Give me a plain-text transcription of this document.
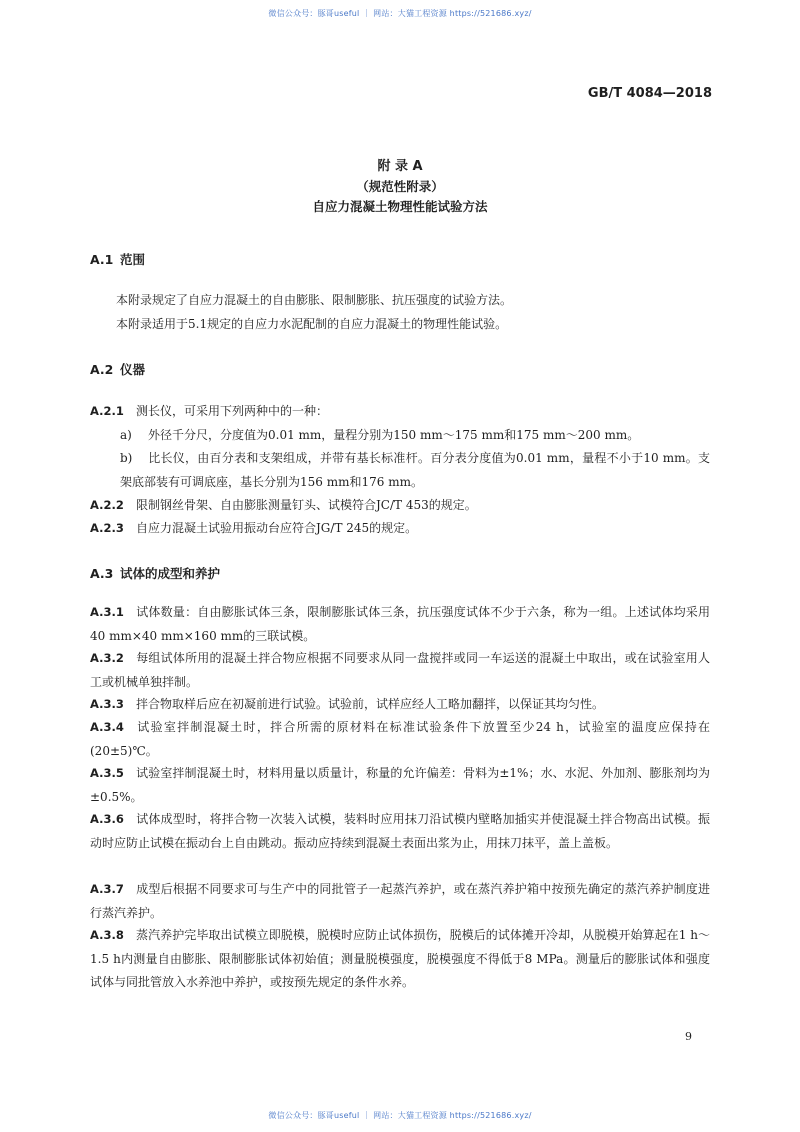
微信公众号：豚哥useful ｜ 网站：大猫工程资源 https://521686.xyz/
GB/T 4084—2018
附 录 A
（规范性附录）
自应力混凝土物理性能试验方法
A.1 范围

本附录规定了自应力混凝土的自由膨胀、限制膨胀、抗压强度的试验方法。

本附录适用于5.1规定的自应力水泥配制的自应力混凝土的物理性能试验。

A.2 仪器

A.2.1 测长仪，可采用下列两种中的一种：

a) 外径千分尺，分度值为0.01 mm，量程分别为150 mm～175 mm和175 mm～200 mm。

b) 比长仪，由百分表和支架组成，并带有基长标准杆。百分表分度值为0.01 mm，量程不小于10 mm。支架底部装有可调底座，基长分别为156 mm和176 mm。

A.2.2 限制钢丝骨架、自由膨胀测量钉头、试模符合JC/T 453的规定。

A.2.3 自应力混凝土试验用振动台应符合JG/T 245的规定。

A.3 试体的成型和养护

A.3.1 试体数量：自由膨胀试体三条，限制膨胀试体三条，抗压强度试体不少于六条，称为一组。上述试体均采用40 mm×40 mm×160 mm的三联试模。

A.3.2 每组试体所用的混凝土拌合物应根据不同要求从同一盘搅拌或同一车运送的混凝土中取出，或在试验室用人工或机械单独拌制。

A.3.3 拌合物取样后应在初凝前进行试验。试验前，试样应经人工略加翻拌，以保证其均匀性。

A.3.4 试验室拌制混凝土时，拌合所需的原材料在标准试验条件下放置至少24 h，试验室的温度应保持在(20±5)℃。

A.3.5 试验室拌制混凝土时，材料用量以质量计，称量的允许偏差：骨料为±1%；水、水泥、外加剂、膨胀剂均为±0.5%。

A.3.6 试体成型时，将拌合物一次装入试模，装料时应用抹刀沿试模内壁略加插实并使混凝土拌合物高出试模。振动时应防止试模在振动台上自由跳动。振动应持续到混凝土表面出浆为止，用抹刀抹平，盖上盖板。

A.3.7 成型后根据不同要求可与生产中的同批管子一起蒸汽养护，或在蒸汽养护箱中按预先确定的蒸汽养护制度进行蒸汽养护。

A.3.8 蒸汽养护完毕取出试模立即脱模，脱模时应防止试体损伤，脱模后的试体摊开冷却，从脱模开始算起在1 h～1.5 h内测量自由膨胀、限制膨胀试体初始值；测量脱模强度，脱模强度不得低于8 MPa。测量后的膨胀试体和强度试体与同批管放入水养池中养护，或按预先规定的条件水养。

9
微信公众号：豚哥useful ｜ 网站：大猫工程资源 https://521686.xyz/
